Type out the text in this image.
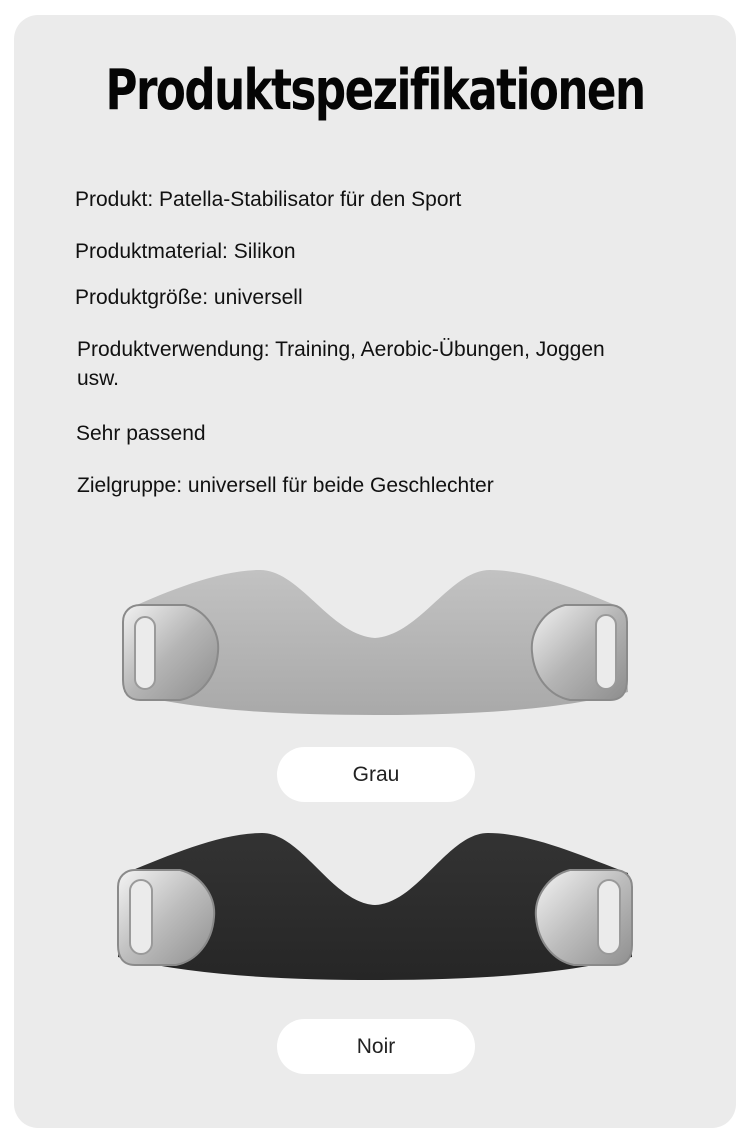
Produktspezifikationen
Produkt: Patella-Stabilisator für den Sport
Produktmaterial: Silikon
Produktgröße: universell
Produktverwendung: Training, Aerobic-Übungen, Joggen usw.
Sehr passend
Zielgruppe: universell für beide Geschlechter
Grau
Noir
